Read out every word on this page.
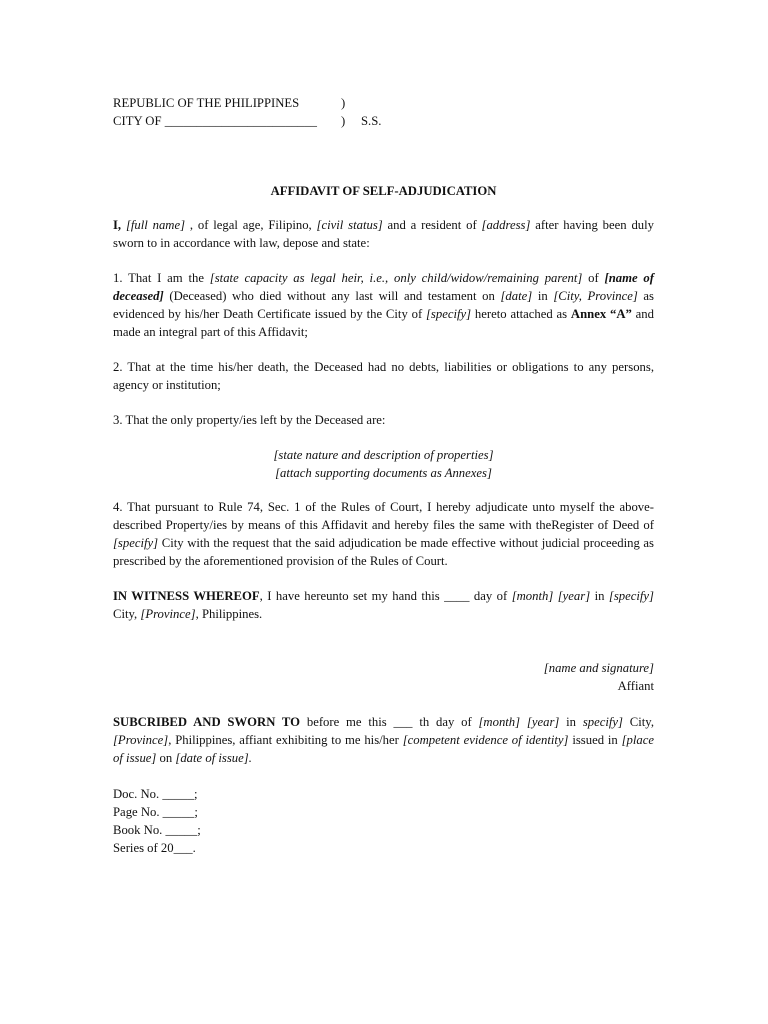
REPUBLIC OF THE PHILIPPINES	)
CITY OF ________________________ ) S.S.

AFFIDAVIT OF SELF-ADJUDICATION

I, [full name] , of legal age, Filipino, [civil status] and a resident of [address] after having been duly sworn to in accordance with law, depose and state:

1. That I am the [state capacity as legal heir, i.e., only child/widow/remaining parent] of [name of deceased] (Deceased) who died without any last will and testament on [date] in [City, Province] as evidenced by his/her Death Certificate issued by the City of [specify] hereto attached as Annex “A” and made an integral part of this Affidavit;

2. That at the time his/her death, the Deceased had no debts, liabilities or obligations to any persons, agency or institution;

3. That the only property/ies left by the Deceased are:

[state nature and description of properties]

[attach supporting documents as Annexes]

4. That pursuant to Rule 74, Sec. 1 of the Rules of Court, I hereby adjudicate unto myself the above-described Property/ies by means of this Affidavit and hereby files the same with theRegister of Deed of [specify] City with the request that the said adjudication be made effective without judicial proceeding as prescribed by the aforementioned provision of the Rules of Court.

IN WITNESS WHEREOF, I have hereunto set my hand this ____ day of [month] [year] in [specify] City, [Province], Philippines.

[name and signature]

Affiant

SUBCRIBED AND SWORN TO before me this ___ th day of [month] [year] in specify] City, [Province], Philippines, affiant exhibiting to me his/her [competent evidence of identity] issued in [place of issue] on [date of issue].

Doc. No. _____;

Page No. _____;

Book No. _____;

Series of 20___.
